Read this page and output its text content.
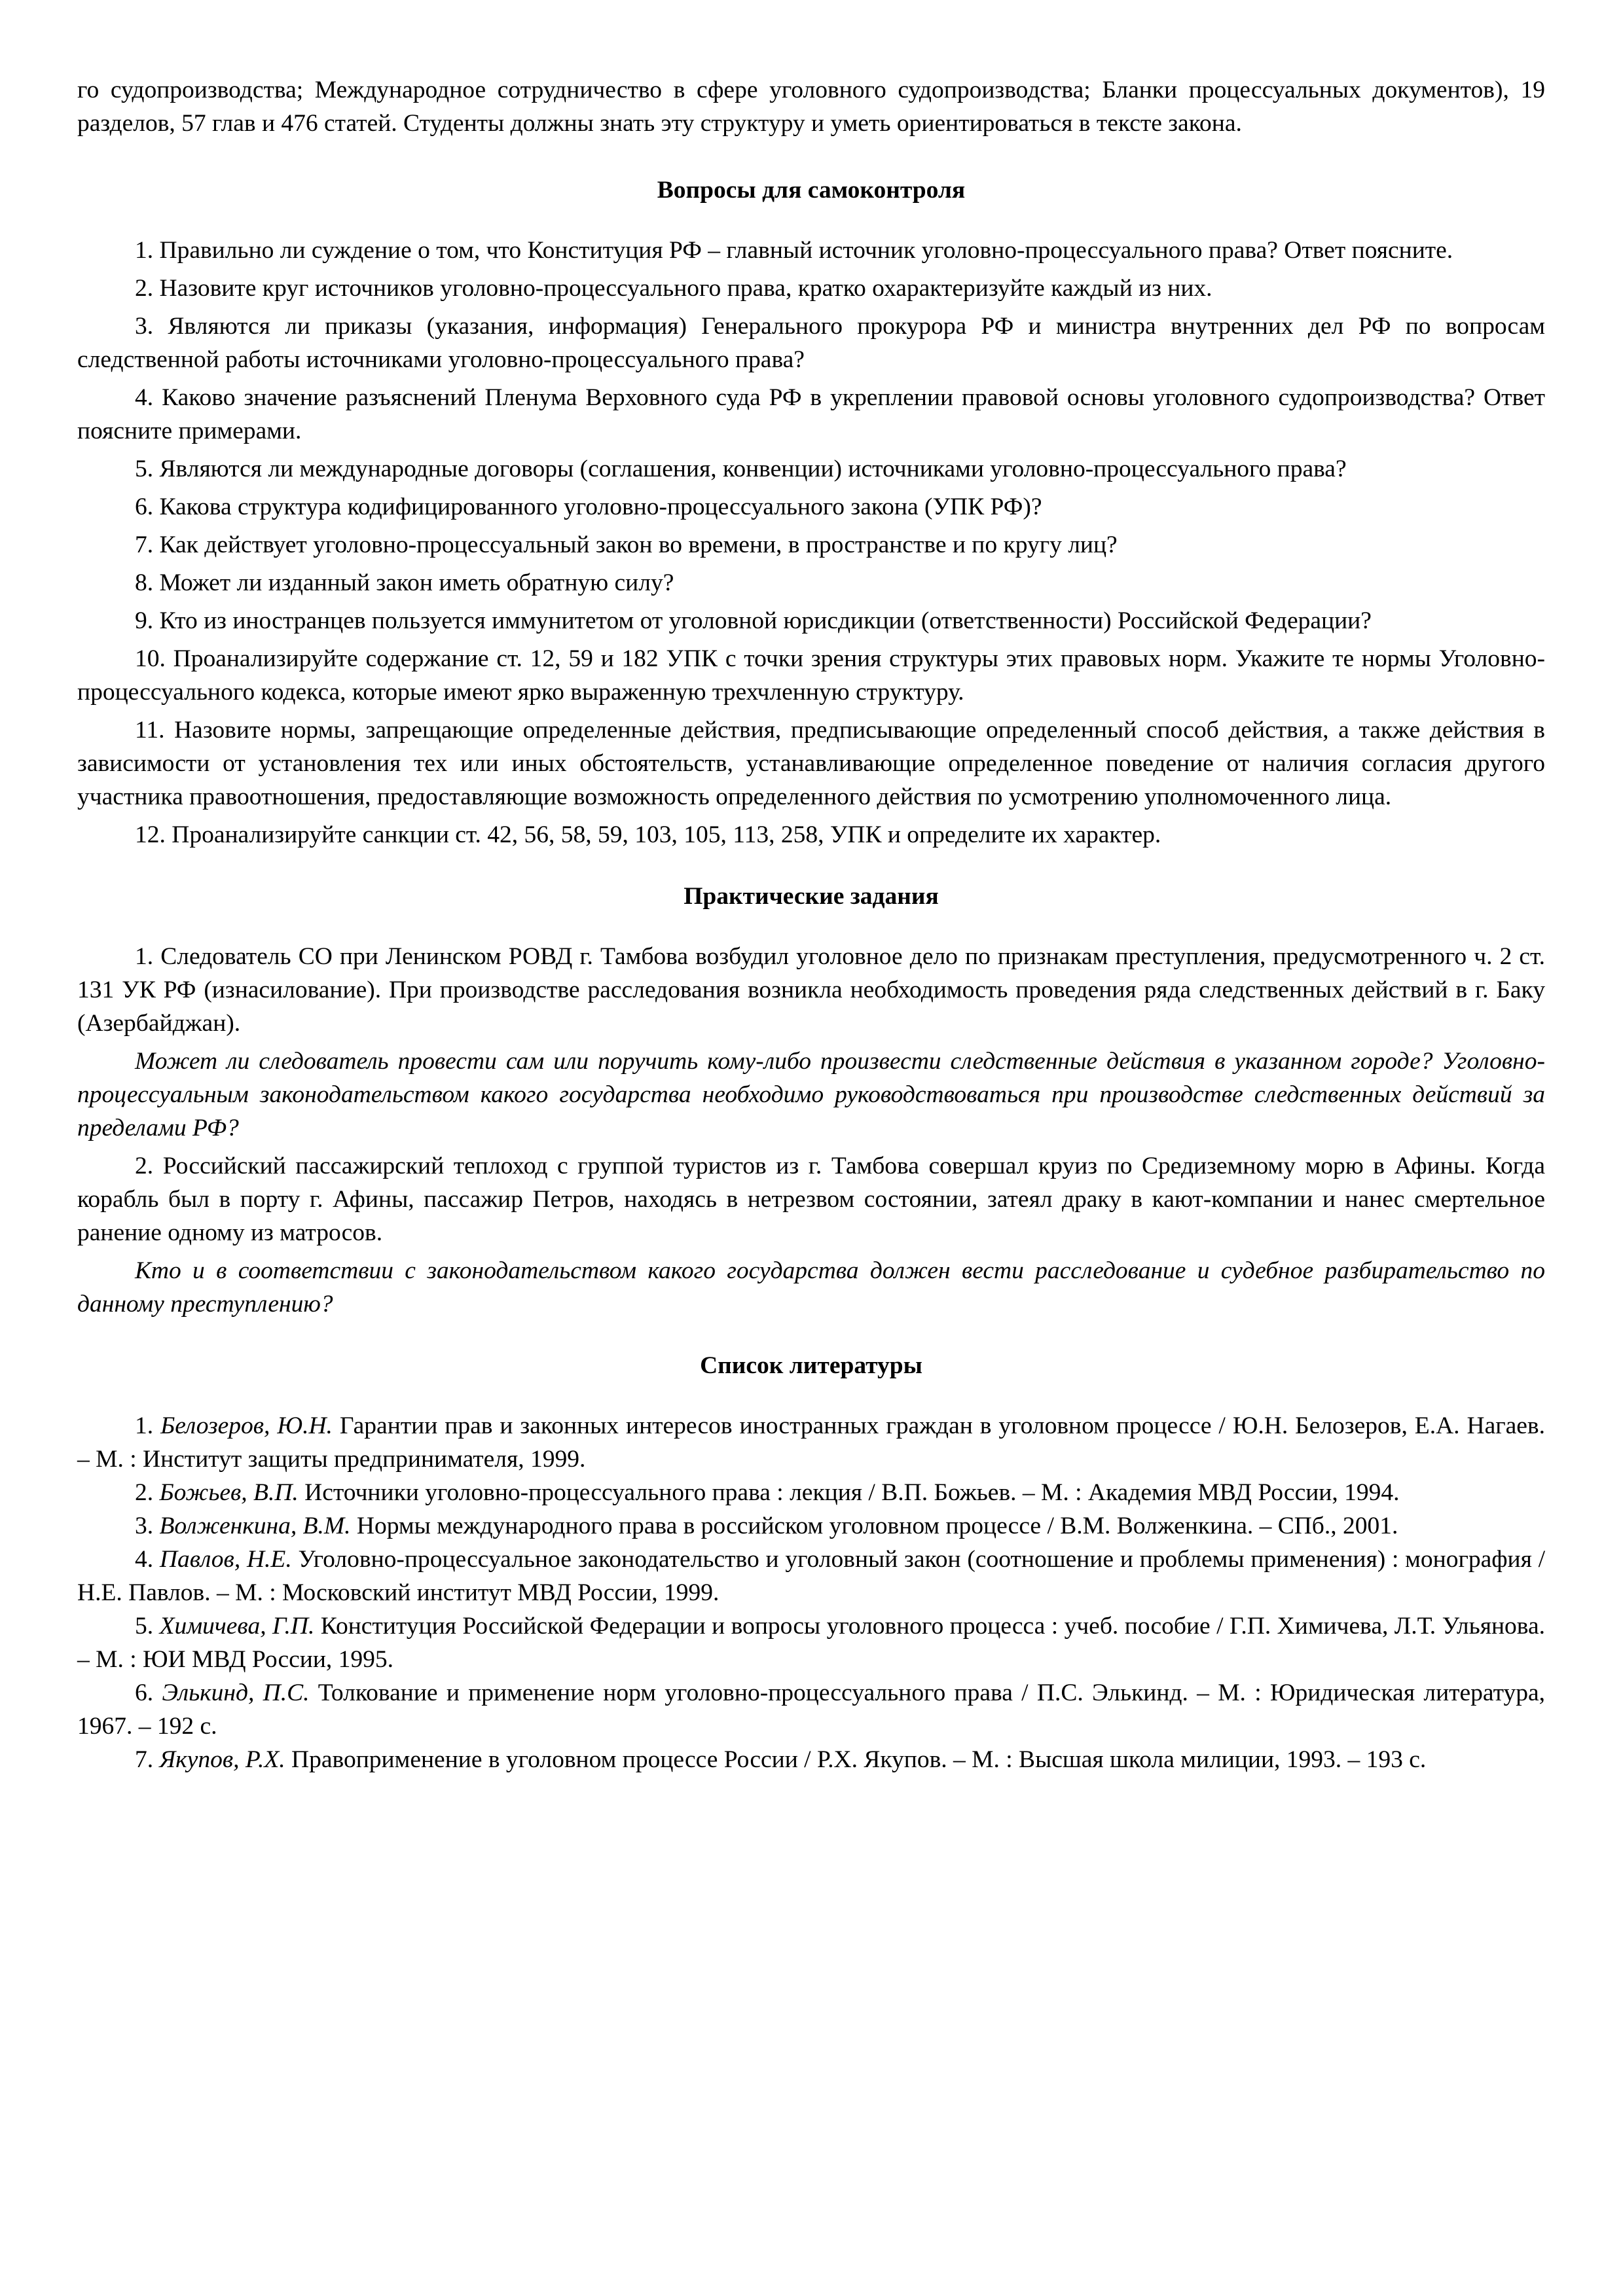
го судопроизводства; Международное сотрудничество в сфере уголовного судопроизводства; Бланки процессуальных документов), 19 разделов, 57 глав и 476 статей. Студенты должны знать эту структуру и уметь ориентироваться в тексте закона.

Вопросы для самоконтроля

1. Правильно ли суждение о том, что Конституция РФ – главный источник уголовно-процессуального права? Ответ поясните.

2. Назовите круг источников уголовно-процессуального права, кратко охарактеризуйте каждый из них.

3. Являются ли приказы (указания, информация) Генерального прокурора РФ и министра внутренних дел РФ по вопросам следственной работы источниками уголовно-процессуального права?

4. Каково значение разъяснений Пленума Верховного суда РФ в укреплении правовой основы уголовного судопроизводства? Ответ поясните примерами.

5. Являются ли международные договоры (соглашения, конвенции) источниками уголовно-процессуального права?

6. Какова структура кодифицированного уголовно-процессуального закона (УПК РФ)?

7. Как действует уголовно-процессуальный закон во времени, в пространстве и по кругу лиц?

8. Может ли изданный закон иметь обратную силу?

9. Кто из иностранцев пользуется иммунитетом от уголовной юрисдикции (ответственности) Российской Федерации?

10. Проанализируйте содержание ст. 12, 59 и 182 УПК с точки зрения структуры этих правовых норм. Укажите те нормы Уголовно-процессуального кодекса, которые имеют ярко выраженную трехчленную структуру.

11. Назовите нормы, запрещающие определенные действия, предписывающие определенный способ действия, а также действия в зависимости от установления тех или иных обстоятельств, устанавливающие определенное поведение от наличия согласия другого участника правоотношения, предоставляющие возможность определенного действия по усмотрению уполномоченного лица.

12. Проанализируйте санкции ст. 42, 56, 58, 59, 103, 105, 113, 258, УПК и определите их характер.

Практические задания

1. Следователь СО при Ленинском РОВД г. Тамбова возбудил уголовное дело по признакам преступления, предусмотренного ч. 2 ст. 131 УК РФ (изнасилование). При производстве расследования возникла необходимость проведения ряда следственных действий в г. Баку (Азербайджан).

Может ли следователь провести сам или поручить кому-либо произвести следственные действия в указанном городе? Уголовно-процессуальным законодательством какого государства необходимо руководствоваться при производстве следственных действий за пределами РФ?

2. Российский пассажирский теплоход с группой туристов из г. Тамбова совершал круиз по Средиземному морю в Афины. Когда корабль был в порту г. Афины, пассажир Петров, находясь в нетрезвом состоянии, затеял драку в кают-компании и нанес смертельное ранение одному из матросов.

Кто и в соответствии с законодательством какого государства должен вести расследование и судебное разбирательство по данному преступлению?

Список литературы

1. Белозеров, Ю.Н. Гарантии прав и законных интересов иностранных граждан в уголовном процессе / Ю.Н. Белозеров, Е.А. Нагаев. – М. : Институт защиты предпринимателя, 1999.

2. Божьев, В.П. Источники уголовно-процессуального права : лекция / В.П. Божьев. – М. : Академия МВД России, 1994.

3. Волженкина, В.М. Нормы международного права в российском уголовном процессе / В.М. Волженкина. – СПб., 2001.

4. Павлов, Н.Е. Уголовно-процессуальное законодательство и уголовный закон (соотношение и проблемы применения) : монография / Н.Е. Павлов. – М. : Московский институт МВД России, 1999.

5. Химичева, Г.П. Конституция Российской Федерации и вопросы уголовного процесса : учеб. пособие / Г.П. Химичева, Л.Т. Ульянова. – М. : ЮИ МВД России, 1995.

6. Элькинд, П.С. Толкование и применение норм уголовно-процессуального права / П.С. Элькинд. – М. : Юридическая литература, 1967. – 192 с.

7. Якупов, Р.Х. Правоприменение в уголовном процессе России / Р.Х. Якупов. – М. : Высшая школа милиции, 1993. – 193 с.
